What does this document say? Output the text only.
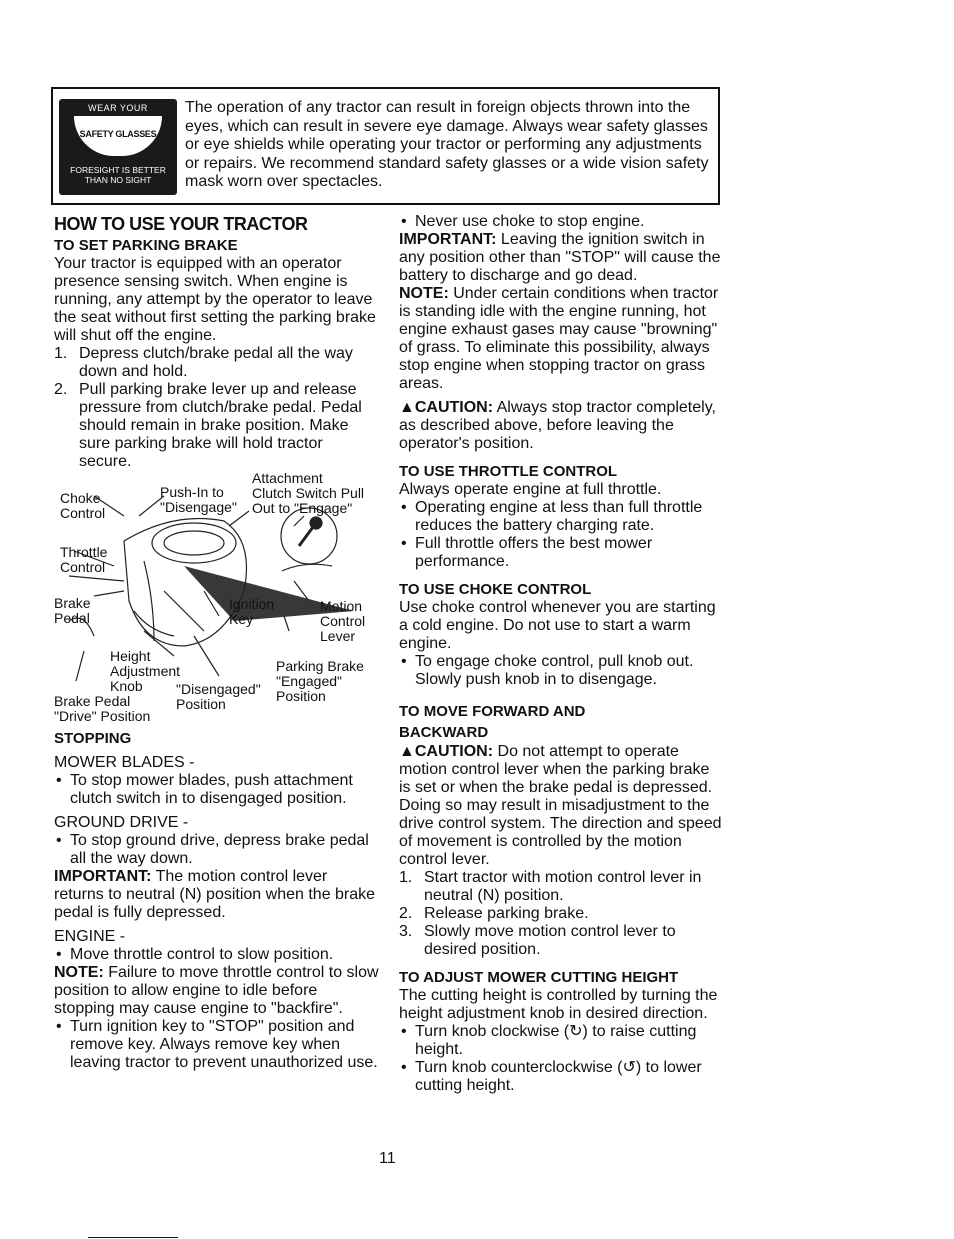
WEAR YOUR
SAFETY GLASSES
FORESIGHT IS BETTER THAN NO SIGHT
The operation of any tractor can result in foreign objects thrown into the eyes, which can result in severe eye damage. Always wear safety glasses or eye shields while operating your tractor or performing any adjustments or repairs. We recommend standard safety glasses or a wide vision safety mask worn over spectacles.
HOW TO USE YOUR TRACTOR
TO SET PARKING BRAKE

Your tractor is equipped with an operator presence sensing switch. When engine is running, any attempt by the operator to leave the seat without first setting the parking brake will shut off the engine.

1. Depress clutch/brake pedal all the way down and hold.
2. Pull parking brake lever up and release pressure from clutch/brake pedal. Pedal should remain in brake position. Make sure parking brake will hold tractor secure.
Choke
Control
Push-In to
"Disengage"
Attachment
Clutch Switch Pull
Out to "Engage"
Throttle
Control
Brake
Pedal
Ignition
Key
Motion
Control
Lever
Height
Adjustment
Knob
Parking Brake
"Engaged"
Position
"Disengaged"
Position
Brake Pedal
"Drive" Position
STOPPING

MOWER BLADES -

• To stop mower blades, push attachment clutch switch in to disengaged position.

GROUND DRIVE -

• To stop ground drive, depress brake pedal all the way down.

IMPORTANT: The motion control lever returns to neutral (N) position when the brake pedal is fully depressed.

ENGINE -

• Move throttle control to slow position.

NOTE: Failure to move throttle control to slow position to allow engine to idle before stopping may cause engine to "backfire".

• Turn ignition key to "STOP" position and remove key. Always remove key when leaving tractor to prevent unauthorized use.
• Never use choke to stop engine.

IMPORTANT: Leaving the ignition switch in any position other than "STOP" will cause the battery to discharge and go dead.

NOTE: Under certain conditions when tractor is standing idle with the engine running, hot engine exhaust gases may cause "browning" of grass. To eliminate this possibility, always stop engine when stopping tractor on grass areas.

▲CAUTION: Always stop tractor completely, as described above, before leaving the operator's position.

TO USE THROTTLE CONTROL

Always operate engine at full throttle.

• Operating engine at less than full throttle reduces the battery charging rate.
• Full throttle offers the best mower performance.
TO USE CHOKE CONTROL

Use choke control whenever you are starting a cold engine. Do not use to start a warm engine.

• To engage choke control, pull knob out. Slowly push knob in to disengage.
TO MOVE FORWARD AND
BACKWARD

▲CAUTION: Do not attempt to operate motion control lever when the parking brake is set or when the brake pedal is depressed. Doing so may result in misadjustment to the drive control system. The direction and speed of movement is controlled by the motion control lever.

1. Start tractor with motion control lever in neutral (N) position.
2. Release parking brake.
3. Slowly move motion control lever to desired position.
TO ADJUST MOWER CUTTING HEIGHT

The cutting height is controlled by turning the height adjustment knob in desired direction.

• Turn knob clockwise (↻) to raise cutting height.
• Turn knob counterclockwise (↺) to lower cutting height.
11
